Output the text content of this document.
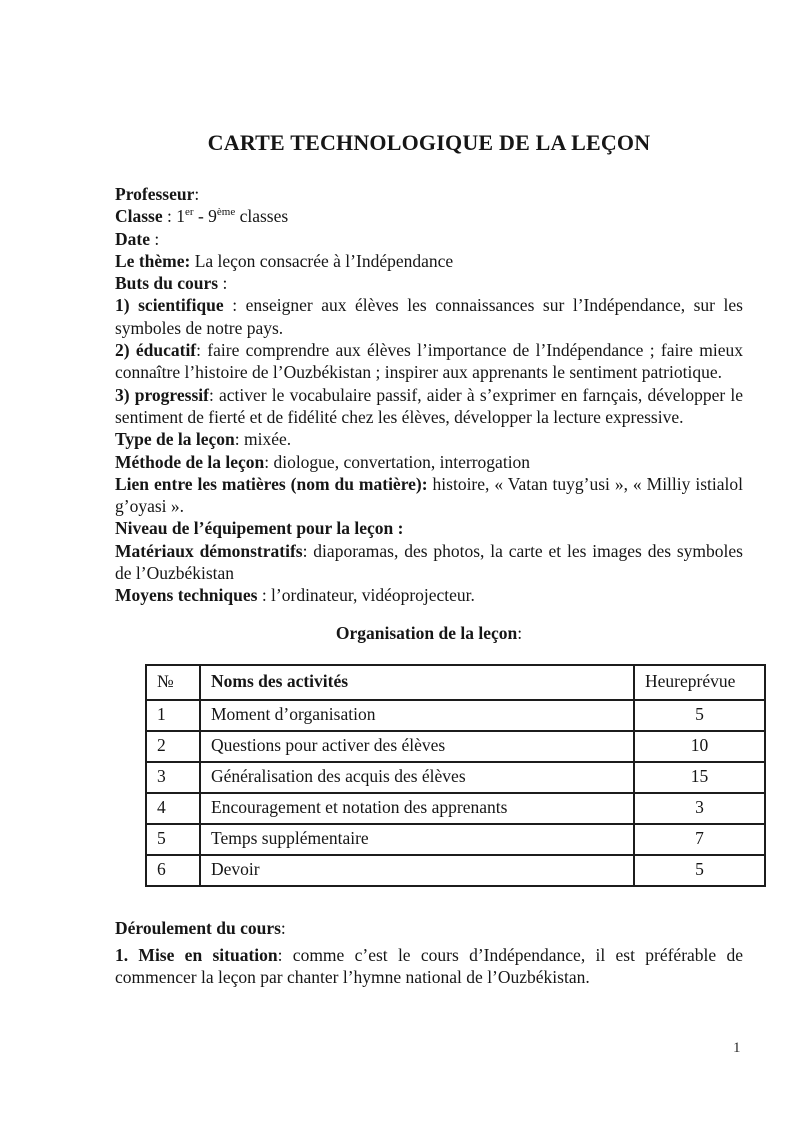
CARTE TECHNOLOGIQUE DE LA LEÇON

Professeur:

Classe : 1er - 9ème classes

Date :

Le thème: La leçon consacrée à l’Indépendance

Buts du cours :

1) scientifique : enseigner aux élèves les connaissances sur l’Indépendance, sur les symboles de notre pays.

2) éducatif: faire comprendre aux élèves l’importance de l’Indépendance ; faire mieux connaître l’histoire de l’Ouzbékistan ; inspirer aux apprenants le sentiment patriotique.

3) progressif: activer le vocabulaire passif, aider à s’exprimer en farnçais, développer le sentiment de fierté et de fidélité chez les élèves, développer la lecture expressive.

Type de la leçon: mixée.

Méthode de la leçon: diologue, convertation, interrogation

Lien entre les matières (nom du matière): histoire, « Vatan tuyg’usi », « Milliy istialol g’oyasi ».

Niveau de l’équipement pour la leçon :

Matériaux démonstratifs: diaporamas, des photos, la carte et les images des symboles de l’Ouzbékistan

Moyens techniques : l’ordinateur, vidéoprojecteur.

Organisation de la leçon:
№	Noms des activités	Heureprévue
1	Moment d’organisation	5
2	Questions pour activer des élèves	10
3	Généralisation des acquis des élèves	15
4	Encouragement et notation des apprenants	3
5	Temps supplémentaire	7
6	Devoir	5

Déroulement du cours:

1. Mise en situation: comme c’est le cours d’Indépendance, il est préférable de commencer la leçon par chanter l’hymne national de l’Ouzbékistan.

1
